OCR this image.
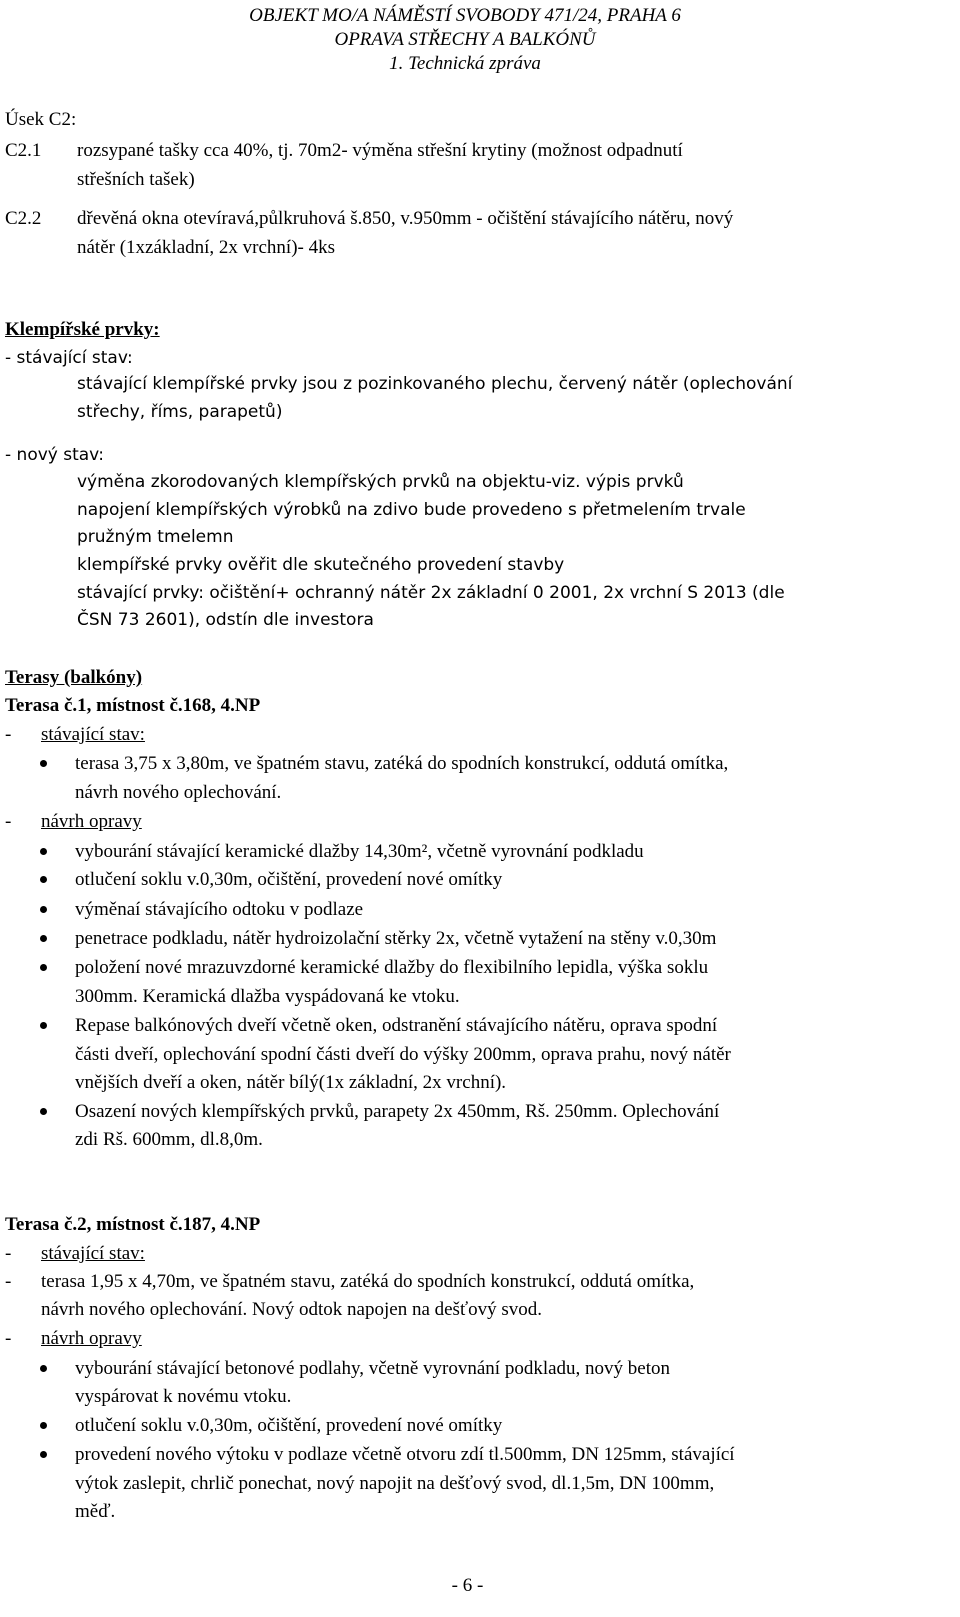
OBJEKT MO/A NÁMĚSTÍ SVOBODY 471/24, PRAHA 6
OPRAVA STŘECHY A BALKÓNŮ
1. Technická zpráva
Úsek C2:
C2.1 rozsypané tašky cca 40%, tj. 70m2- výměna střešní krytiny (možnost odpadnutí
střešních tašek)
C2.2 dřevěná okna otevíravá,půlkruhová š.850, v.950mm - očištění stávajícího nátěru, nový
nátěr (1xzákladní, 2x vrchní)- 4ks
Klempířské prvky:
- stávající stav:
stávající klempířské prvky jsou z pozinkovaného plechu, červený nátěr (oplechování
střechy, říms, parapetů)
- nový stav:
výměna zkorodovaných klempířských prvků na objektu-viz. výpis prvků
napojení klempířských výrobků na zdivo bude provedeno s přetmelením trvale
pružným tmelemn
klempířské prvky ověřit dle skutečného provedení stavby
stávající prvky: očištění+ ochranný nátěr 2x základní 0 2001, 2x vrchní S 2013 (dle
ČSN 73 2601), odstín dle investora
Terasy (balkóny)
Terasa č.1, místnost č.168, 4.NP
- stávající stav:
terasa 3,75 x 3,80m, ve špatném stavu, zatéká do spodních konstrukcí, oddutá omítka,
návrh nového oplechování.
- návrh opravy
vybourání stávající keramické dlažby 14,30m², včetně vyrovnání podkladu
otlučení soklu v.0,30m, očištění, provedení nové omítky
výměnaí stávajícího odtoku v podlaze
penetrace podkladu, nátěr hydroizolační stěrky 2x, včetně vytažení na stěny v.0,30m
položení nové mrazuvzdorné keramické dlažby do flexibilního lepidla, výška soklu
300mm. Keramická dlažba vyspádovaná ke vtoku.
Repase balkónových dveří včetně oken, odstranění stávajícího nátěru, oprava spodní
části dveří, oplechování spodní části dveří do výšky 200mm, oprava prahu, nový nátěr
vnějších dveří a oken, nátěr bílý(1x základní, 2x vrchní).
Osazení nových klempířských prvků, parapety 2x 450mm, Rš. 250mm. Oplechování
zdi Rš. 600mm, dl.8,0m.
Terasa č.2, místnost č.187, 4.NP
- stávající stav:
- terasa 1,95 x 4,70m, ve špatném stavu, zatéká do spodních konstrukcí, oddutá omítka,
návrh nového oplechování. Nový odtok napojen na dešťový svod.
- návrh opravy
vybourání stávající betonové podlahy, včetně vyrovnání podkladu, nový beton
vyspárovat k novému vtoku.
otlučení soklu v.0,30m, očištění, provedení nové omítky
provedení nového výtoku v podlaze včetně otvoru zdí tl.500mm, DN 125mm, stávající
výtok zaslepit, chrlič ponechat, nový napojit na dešťový svod, dl.1,5m, DN 100mm,
měď.
- 6 -
